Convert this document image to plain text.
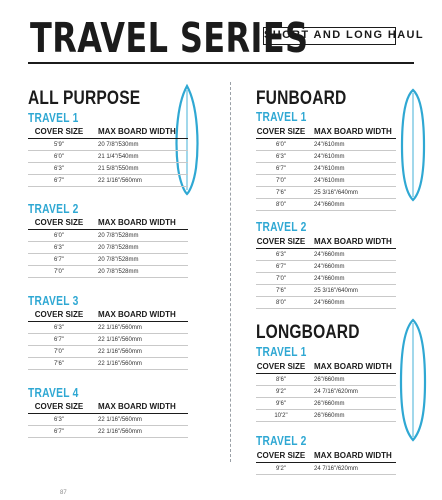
TRAVEL SERIES
SHORT AND LONG HAUL
ALL PURPOSE
TRAVEL 1
COVER SIZE	MAX BOARD WIDTH
5'9"	20 7/8"/530mm
6'0"	21 1/4"/540mm
6'3"	21 5/8"/550mm
6'7"	22 1/16"/560mm
TRAVEL 2
COVER SIZE	MAX BOARD WIDTH
6'0"	20 7/8"/528mm
6'3"	20 7/8"/528mm
6'7"	20 7/8"/528mm
7'0"	20 7/8"/528mm
TRAVEL 3
COVER SIZE	MAX BOARD WIDTH
6'3"	22 1/16"/560mm
6'7"	22 1/16"/560mm
7'0"	22 1/16"/560mm
7'6"	22 1/16"/560mm
TRAVEL 4
COVER SIZE	MAX BOARD WIDTH
6'3"	22 1/16"/560mm
6'7"	22 1/16"/560mm
FUNBOARD
TRAVEL 1
COVER SIZE	MAX BOARD WIDTH
6'0"	24"/610mm
6'3"	24"/610mm
6'7"	24"/610mm
7'0"	24"/610mm
7'6"	25 3/16"/640mm
8'0"	24"/660mm
TRAVEL 2
COVER SIZE	MAX BOARD WIDTH
6'3"	24"/660mm
6'7"	24"/660mm
7'0"	24"/660mm
7'6"	25 3/16"/640mm
8'0"	24"/660mm
LONGBOARD
TRAVEL 1
COVER SIZE	MAX BOARD WIDTH
8'6"	26"/660mm
9'2"	24 7/16"/620mm
9'6"	26"/660mm
10'2"	26"/660mm
TRAVEL 2
COVER SIZE	MAX BOARD WIDTH
9'2"	24 7/16"/620mm
87
